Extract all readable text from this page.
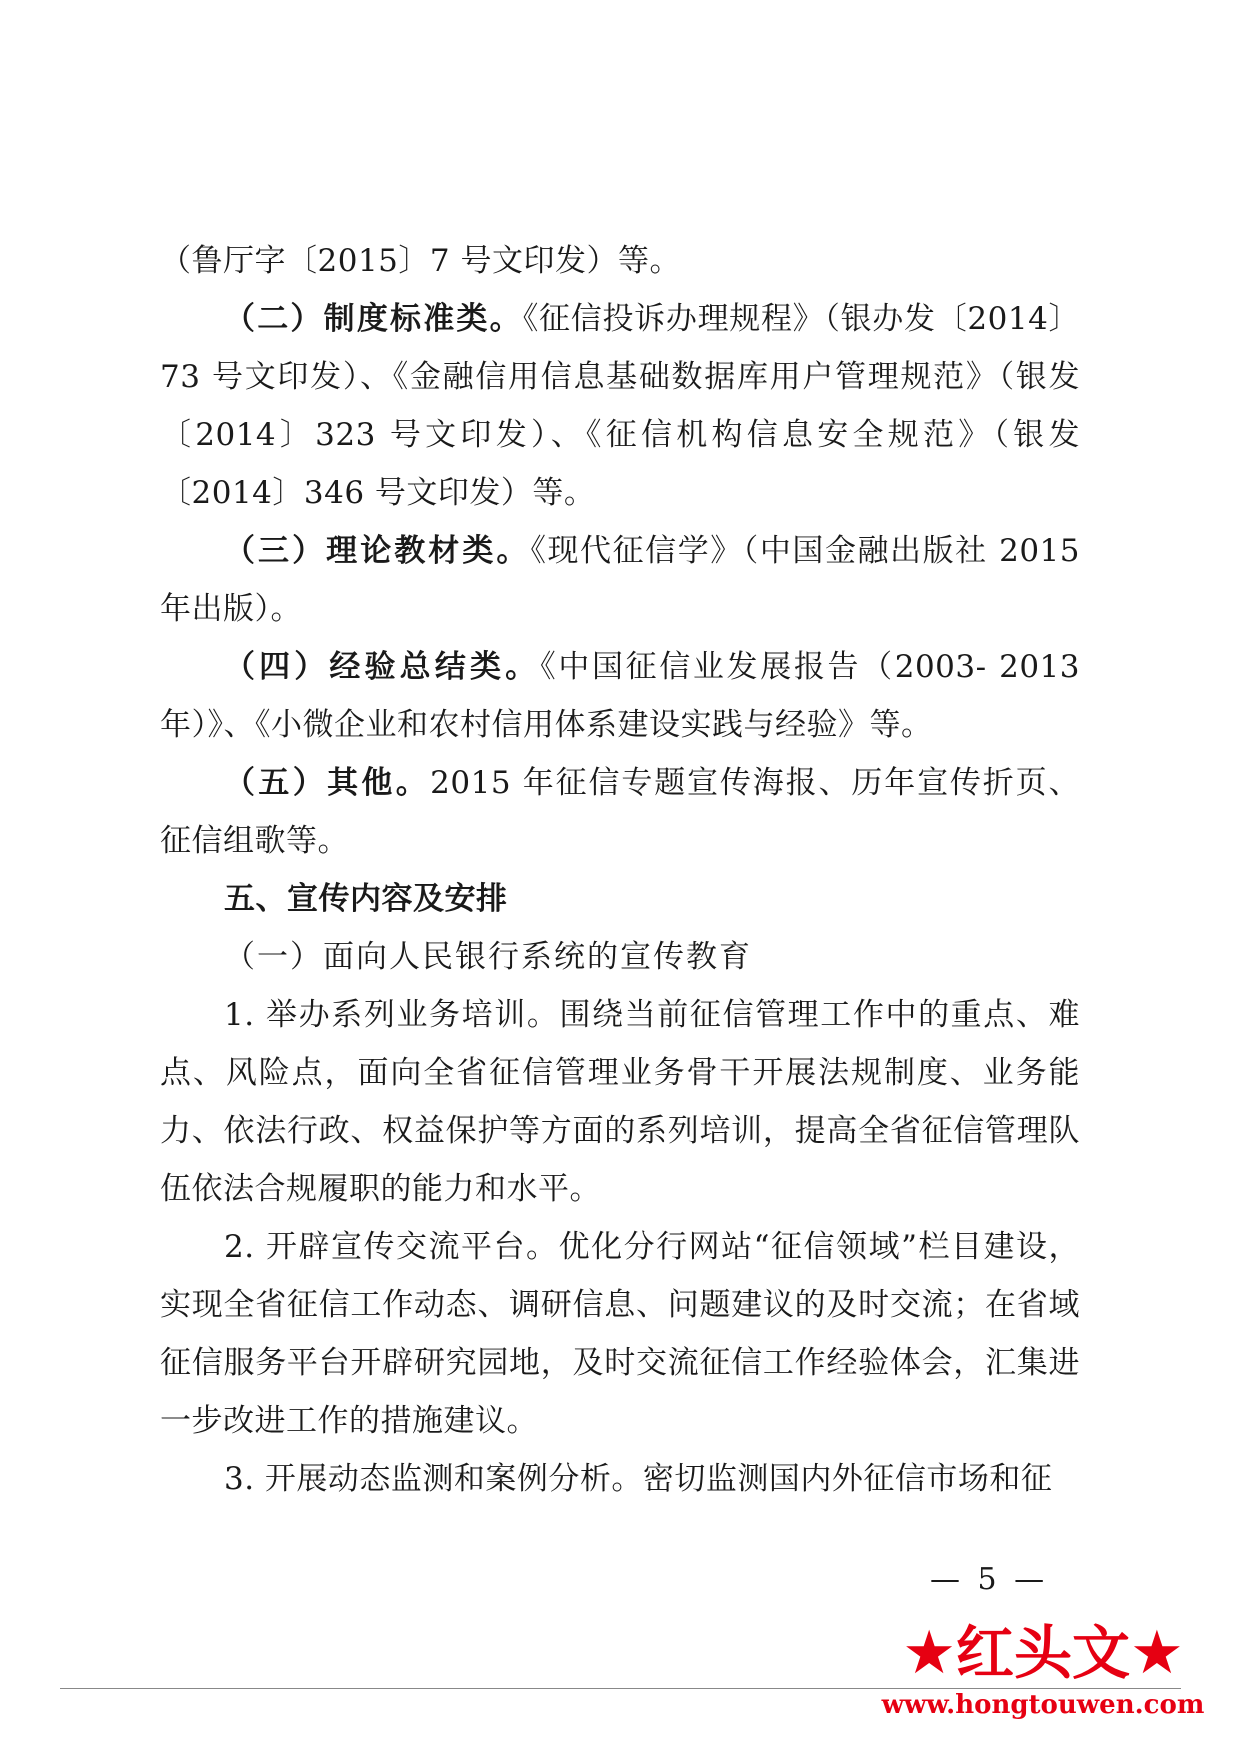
（鲁厅字〔2015〕7 号文印发）等。

（二）制度标准类。《征信投诉办理规程》（银办发〔2014〕73 号文印发）、《金融信用信息基础数据库用户管理规范》（银发〔2014〕323 号文印发）、《征信机构信息安全规范》（银发〔2014〕346 号文印发）等。

（三）理论教材类。《现代征信学》（中国金融出版社 2015 年出版）。

（四）经验总结类。《中国征信业发展报告（2003- 2013 年）》、《小微企业和农村信用体系建设实践与经验》等。

（五）其他。2015 年征信专题宣传海报、历年宣传折页、征信组歌等。

五、宣传内容及安排

（一）面向人民银行系统的宣传教育

1. 举办系列业务培训。围绕当前征信管理工作中的重点、难点、风险点，面向全省征信管理业务骨干开展法规制度、业务能力、依法行政、权益保护等方面的系列培训，提高全省征信管理队伍依法合规履职的能力和水平。

2. 开辟宣传交流平台。优化分行网站“征信领域”栏目建设，实现全省征信工作动态、调研信息、问题建议的及时交流；在省域征信服务平台开辟研究园地，及时交流征信工作经验体会，汇集进一步改进工作的措施建议。

3. 开展动态监测和案例分析。密切监测国内外征信市场和征

— 5 —
★红头文★
www.hongtouwen.com
